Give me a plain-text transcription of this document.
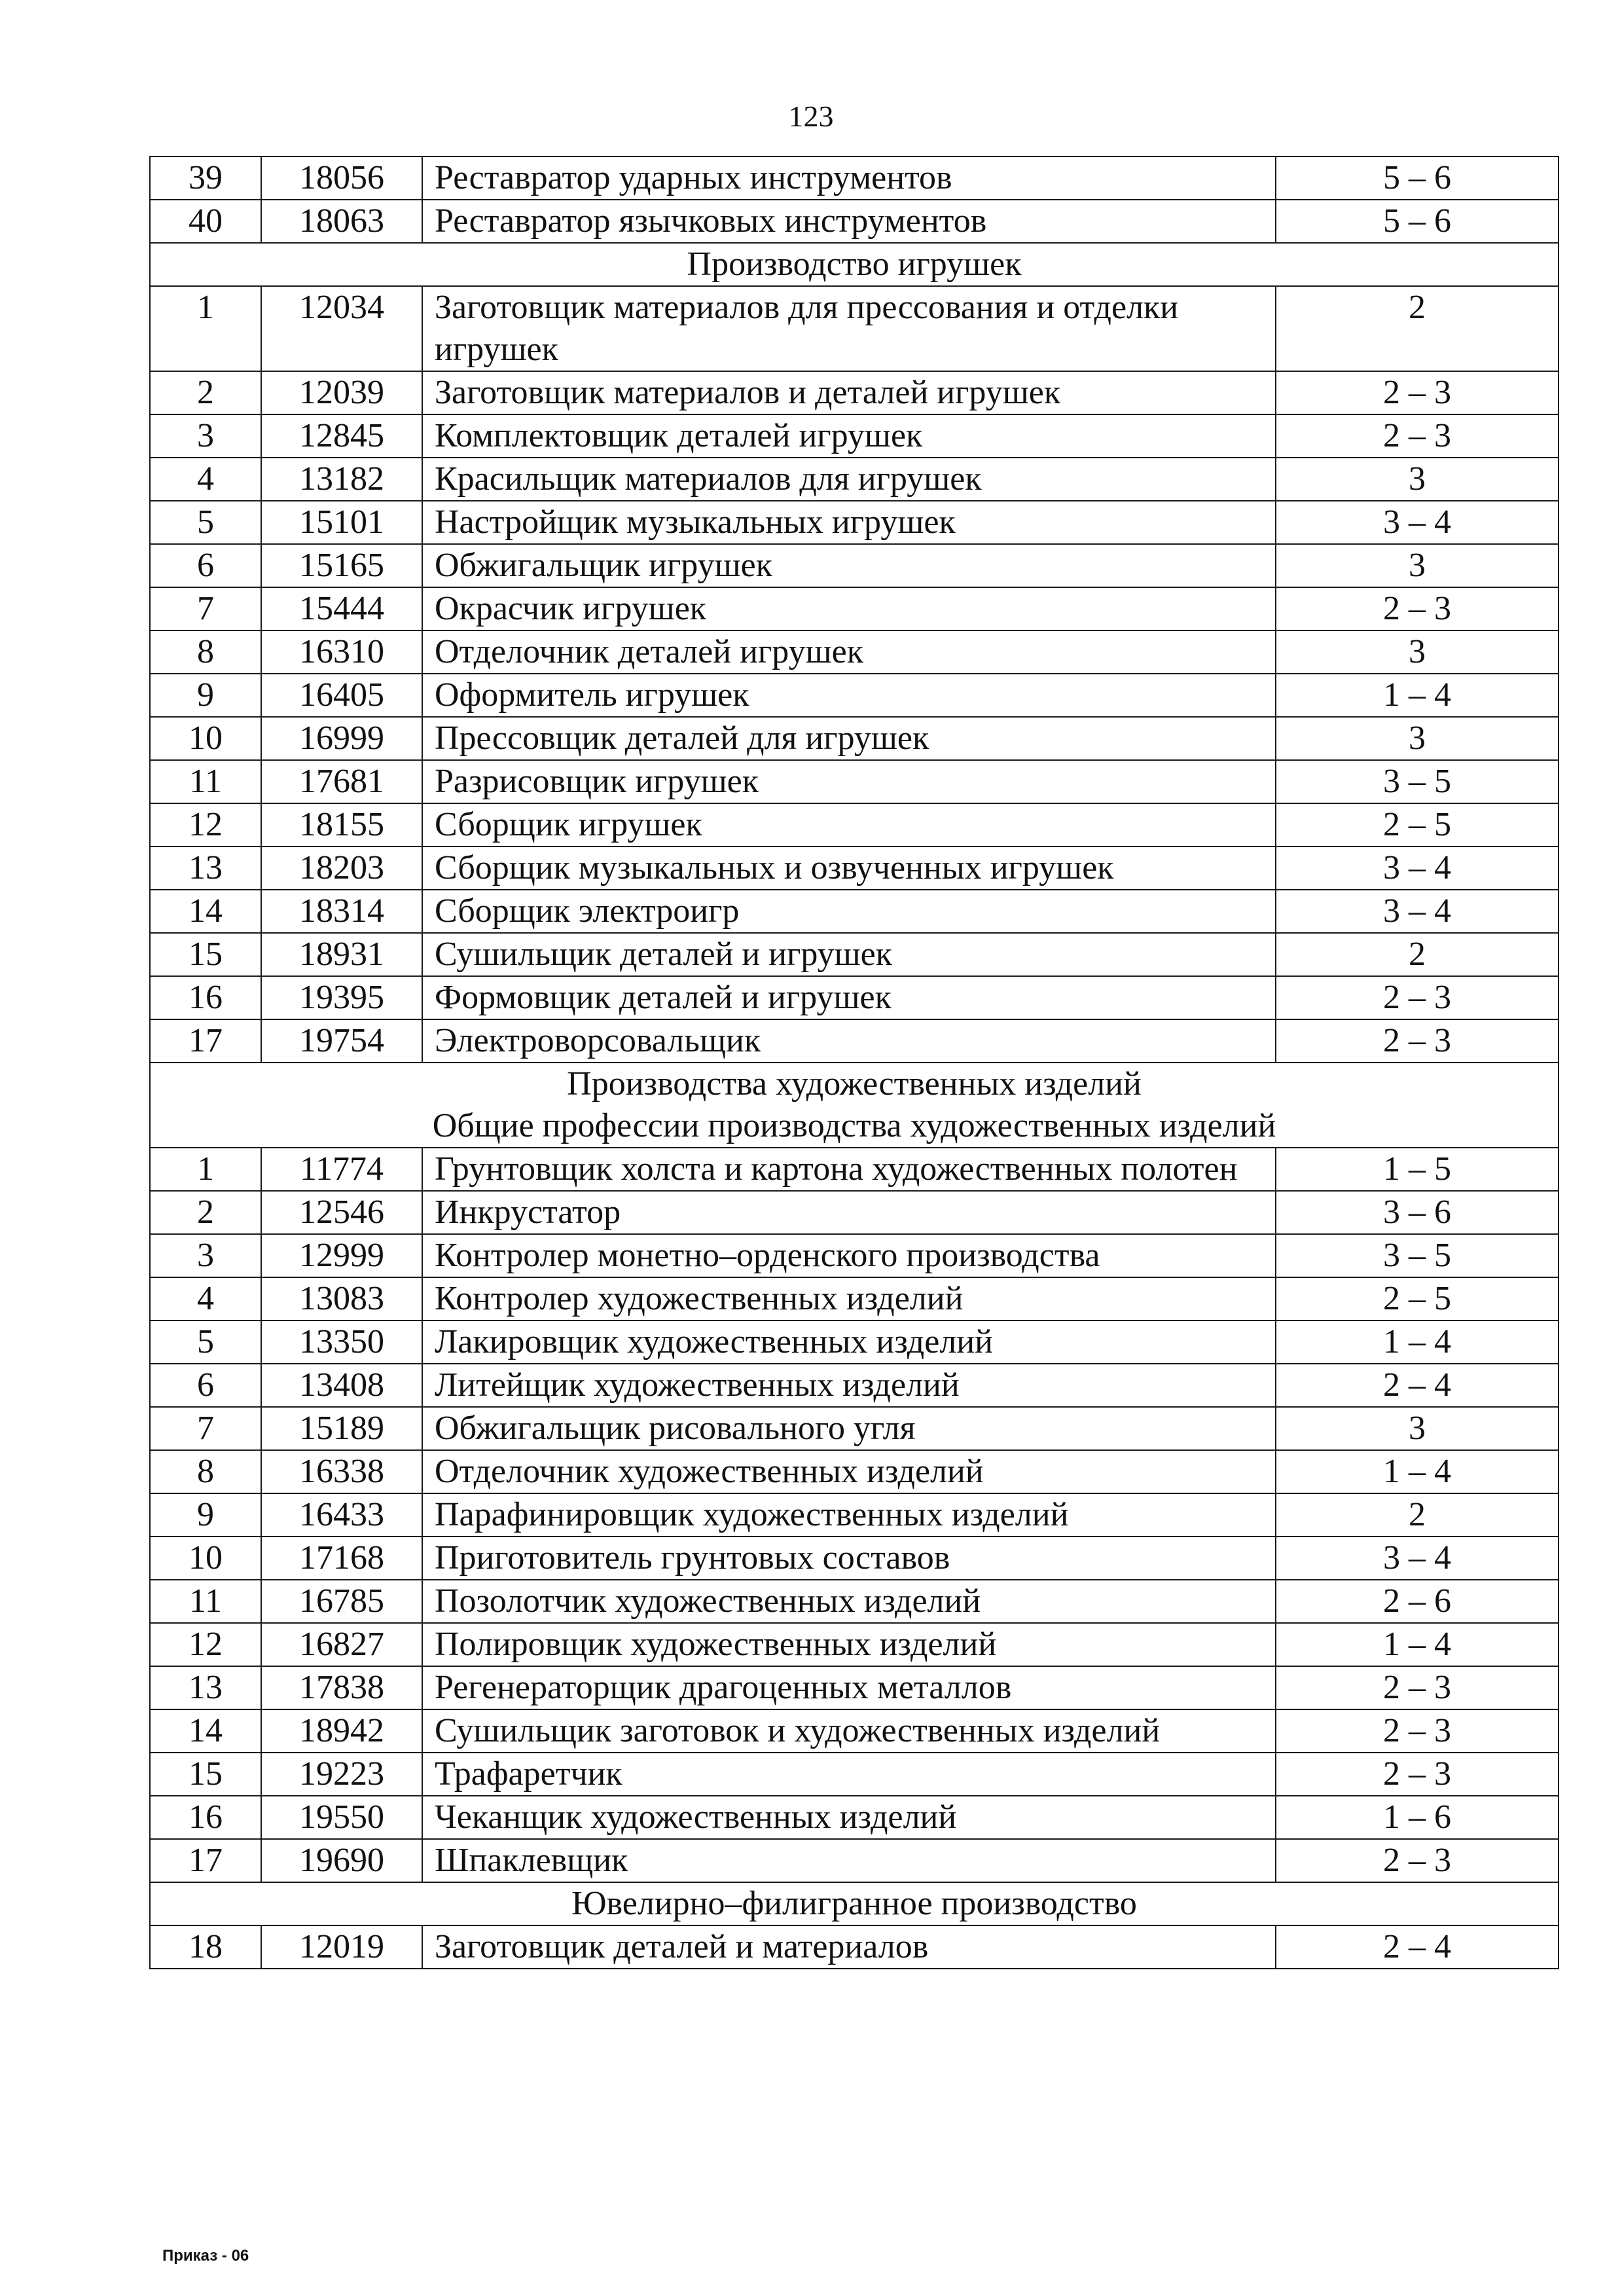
123
39	18056	Реставратор ударных инструментов	5 – 6
40	18063	Реставратор язычковых инструментов	5 – 6

Производство игрушек			

1	12034	Заготовщик материалов для прессования и отделки игрушек	2
2	12039	Заготовщик материалов и деталей игрушек	2 – 3
3	12845	Комплектовщик деталей игрушек	2 – 3
4	13182	Красильщик материалов для игрушек	3
5	15101	Настройщик музыкальных игрушек	3 – 4
6	15165	Обжигальщик игрушек	3
7	15444	Окрасчик игрушек	2 – 3
8	16310	Отделочник деталей игрушек	3
9	16405	Оформитель игрушек	1 – 4
10	16999	Прессовщик деталей для игрушек	3
11	17681	Разрисовщик игрушек	3 – 5
12	18155	Сборщик игрушек	2 – 5
13	18203	Сборщик музыкальных и озвученных игрушек	3 – 4
14	18314	Сборщик электроигр	3 – 4
15	18931	Сушильщик деталей и игрушек	2
16	19395	Формовщик деталей и игрушек	2 – 3
17	19754	Электроворсовальщик	2 – 3

Производства художественных изделий
Общие профессии производства художественных изделий			

1	11774	Грунтовщик холста и картона художественных полотен	1 – 5
2	12546	Инкрустатор	3 – 6
3	12999	Контролер монетно–орденского производства	3 – 5
4	13083	Контролер художественных изделий	2 – 5
5	13350	Лакировщик художественных изделий	1 – 4
6	13408	Литейщик художественных изделий	2 – 4
7	15189	Обжигальщик рисовального угля	3
8	16338	Отделочник художественных изделий	1 – 4
9	16433	Парафинировщик художественных изделий	2
10	17168	Приготовитель грунтовых составов	3 – 4
11	16785	Позолотчик художественных изделий	2 – 6
12	16827	Полировщик художественных изделий	1 – 4
13	17838	Регенераторщик драгоценных металлов	2 – 3
14	18942	Сушильщик заготовок и художественных изделий	2 – 3
15	19223	Трафаретчик	2 – 3
16	19550	Чеканщик художественных изделий	1 – 6
17	19690	Шпаклевщик	2 – 3

Ювелирно–филигранное производство			

18	12019	Заготовщик деталей и материалов	2 – 4
Приказ - 06
